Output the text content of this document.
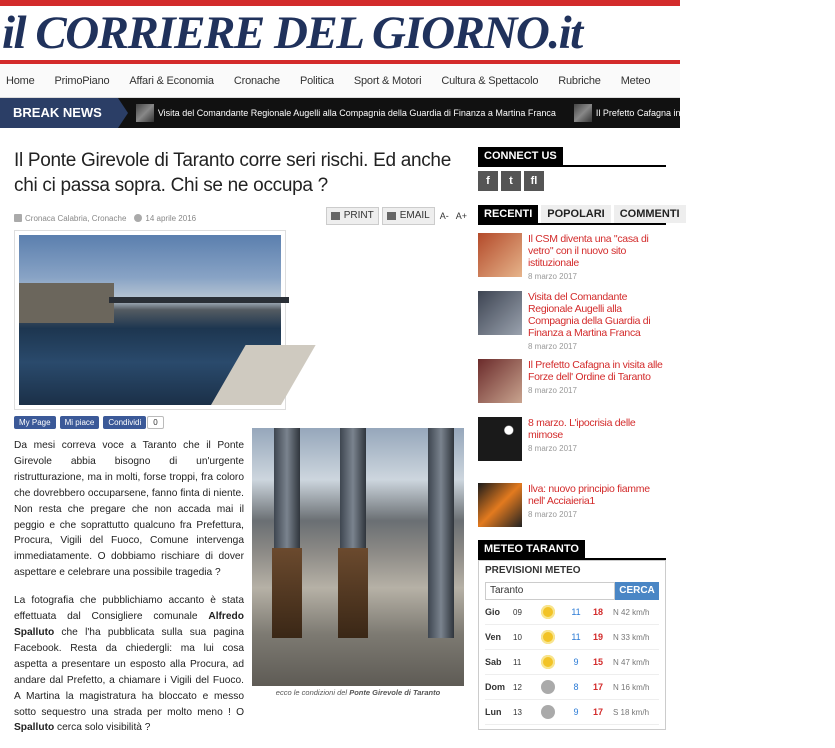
il CORRIERE DEL GIORNO.it
Home PrimoPiano Affari & Economia Cronache Politica Sport & Motori Cultura & Spettacolo Rubriche Meteo
BREAK NEWS	Visita del Comandante Regionale Augelli alla Compagnia della Guardia di Finanza a Martina Franca	Il Prefetto Cafagna in visita alle Forze dell' Ordine di Taranto
Il Ponte Girevole di Taranto corre seri rischi. Ed anche chi ci passa sopra. Chi se ne occupa ?
Cronaca Calabria, Cronache 14 aprile 2016	PRINT	EMAIL A- A+
My Page	Mi piace	Condividi	0

Da mesi correva voce a Taranto che il Ponte Girevole abbia bisogno di un'urgente ristrutturazione, ma in molti, forse troppi, fra coloro che dovrebbero occuparsene, fanno finta di niente. Non resta che pregare che non accada mai il peggio e che soprattutto qualcuno fra Prefettura, Procura, Vigili del Fuoco, Comune intervenga immediatamente. O dobbiamo rischiare di dover aspettare e celebrare una possibile tragedia ?

La fotografia che pubblichiamo accanto è stata effettuata dal Consigliere comunale Alfredo Spalluto che l'ha pubblicata sulla sua pagina Facebook. Resta da chiedergli: ma lui cosa aspetta a presentare un esposto alla Procura, ad andare dal Prefetto, a chiamare i Vigili del Fuoco. A Martina la magistratura ha bloccato e messo sotto sequestro una strada per molto meno ! O Spalluto cerca solo visibilità ?

ecco le condizioni del Ponte Girevole di Taranto
CONNECT US
f	t	fl
RECENTI	POPOLARI	COMMENTI
Il CSM diventa una "casa di vetro" con il nuovo sito istituzionale
8 marzo 2017
Visita del Comandante Regionale Augelli alla Compagnia della Guardia di Finanza a Martina Franca
8 marzo 2017
Il Prefetto Cafagna in visita alle Forze dell' Ordine di Taranto
8 marzo 2017
8 marzo. L'ipocrisia delle mimose
8 marzo 2017
Ilva: nuovo principio fiamme nell' Acciaieria1
8 marzo 2017
METEO TARANTO
PREVISIONI METEO
Taranto	CERCA
Gio	09	11	18	N 42 km/h
Ven	10	11	19	N 33 km/h
Sab	11	9	15	N 47 km/h
Dom	12	8	17	N 16 km/h
Lun	13	9	17	S 18 km/h
